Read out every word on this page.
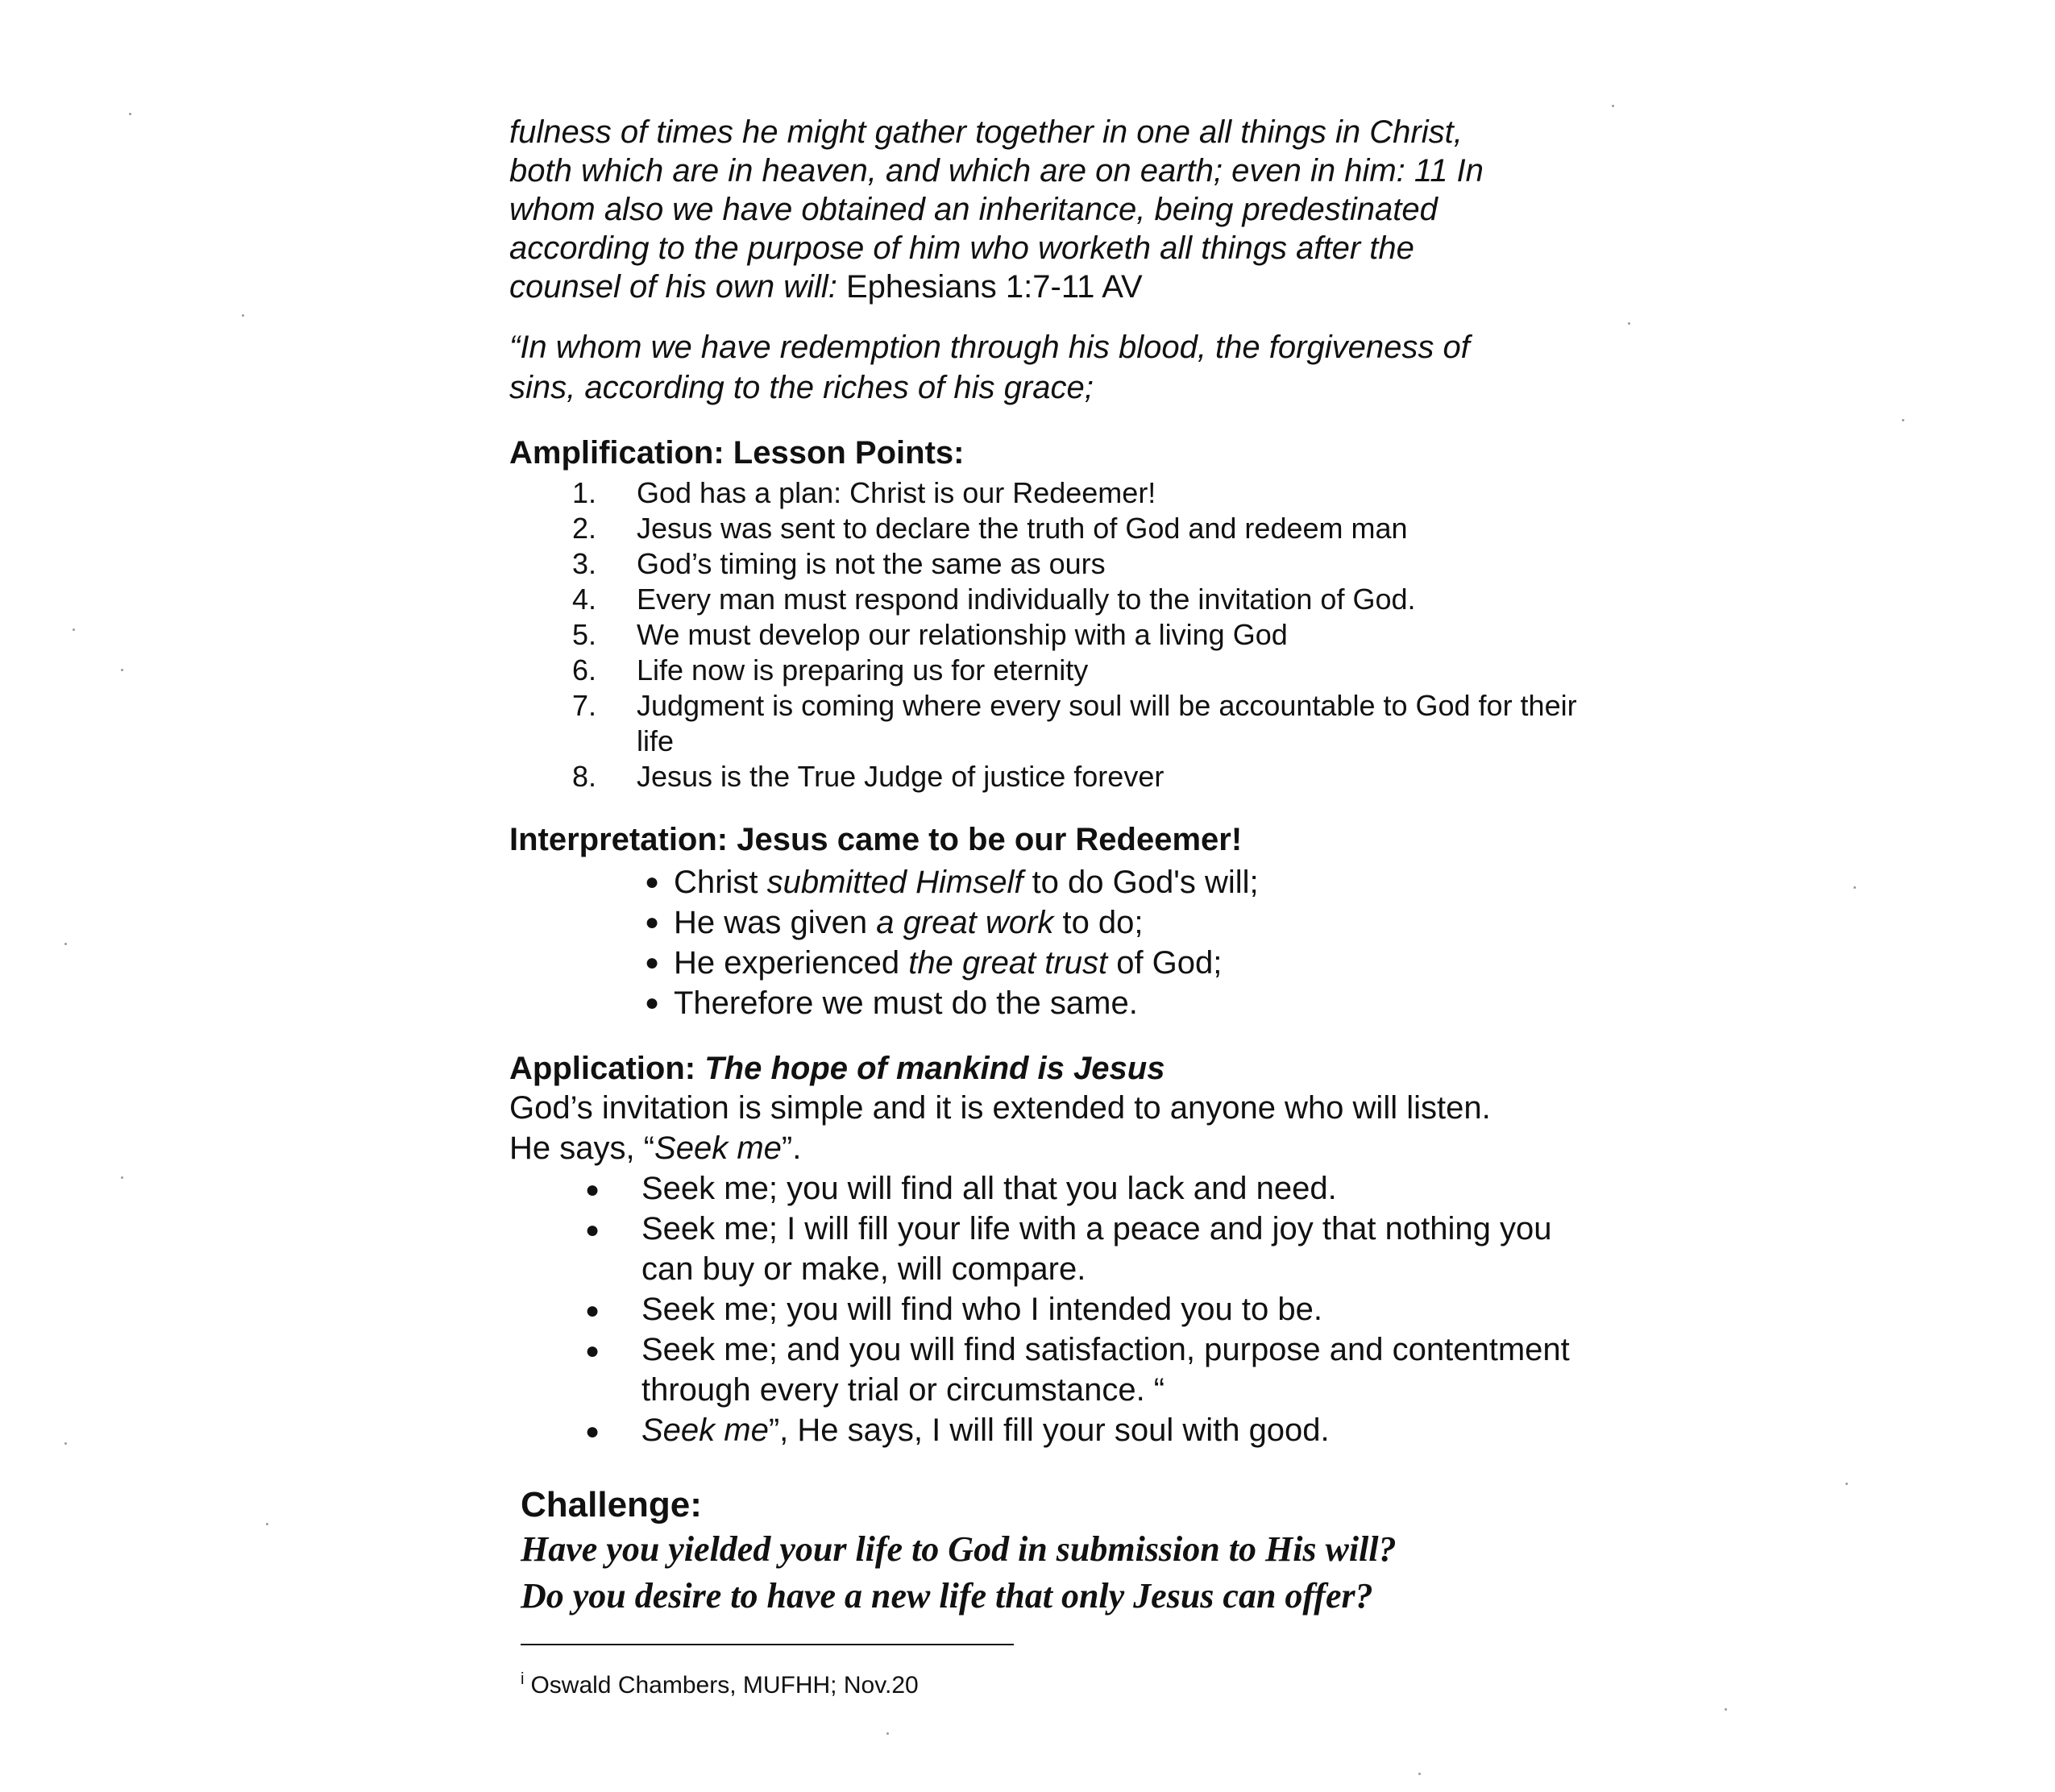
fulness of times he might gather together in one all things in Christ,
both which are in heaven, and which are on earth; even in him: 11 In
whom also we have obtained an inheritance, being predestinated
according to the purpose of him who worketh all things after the
counsel of his own will: Ephesians 1:7-11 AV

“In whom we have redemption through his blood, the forgiveness of
sins, according to the riches of his grace;

Amplification: Lesson Points:
1. God has a plan: Christ is our Redeemer!
2. Jesus was sent to declare the truth of God and redeem man
3. God’s timing is not the same as ours
4. Every man must respond individually to the invitation of God.
5. We must develop our relationship with a living God
6. Life now is preparing us for eternity
7. Judgment is coming where every soul will be accountable to God for their life
8. Jesus is the True Judge of justice forever
Interpretation: Jesus came to be our Redeemer!
● Christ submitted Himself to do God's will;
● He was given a great work to do;
● He experienced the great trust of God;
● Therefore we must do the same.
Application: The hope of mankind is Jesus

God’s invitation is simple and it is extended to anyone who will listen.
He says, “Seek me”.

● Seek me; you will find all that you lack and need.
● Seek me; I will fill your life with a peace and joy that nothing you can buy or make, will compare.
● Seek me; you will find who I intended you to be.
● Seek me; and you will find satisfaction, purpose and contentment through every trial or circumstance. “
● Seek me”, He says, I will fill your soul with good.
Challenge:
Have you yielded your life to God in submission to His will?
Do you desire to have a new life that only Jesus can offer?
$^i$ Oswald Chambers, MUFHH; Nov.20
